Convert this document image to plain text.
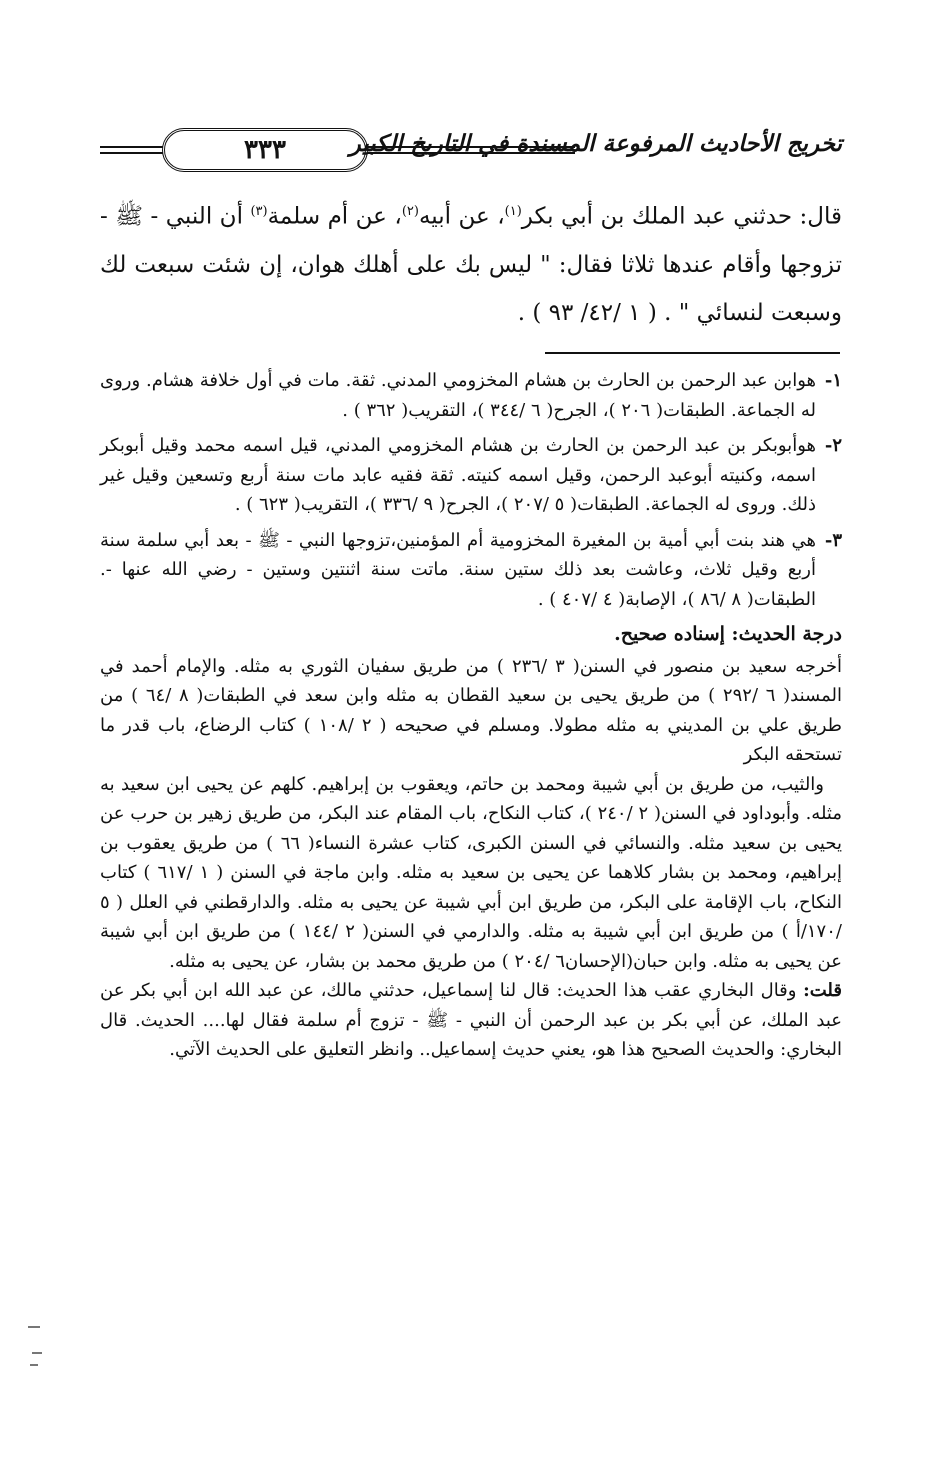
٣٣٣	تخريج الأحاديث المرفوعة المسندة في التاريخ الكبير

قال: حدثني عبد الملك بن أبي بكر$^{(١)}$، عن أبيه$^{(٢)}$، عن أم سلمة$^{(٣)}$ أن النبي - ﷺ - تزوجها وأقام عندها ثلاثا فقال: " ليس بك على أهلك هوان، إن شئت سبعت لك وسبعت لنسائي " . ( ١ /٤٢/ ٩٣ ) .

١-
هوابن عبد الرحمن بن الحارث بن هشام المخزومي المدني. ثقة. مات في أول خلافة هشام. وروى له الجماعة. الطبقات( ٢٠٦ )، الجرح( ٦ /٣٤٤ )، التقريب( ٣٦٢ ) .
٢-
هوأبوبكر بن عبد الرحمن بن الحارث بن هشام المخزومي المدني، قيل اسمه محمد وقيل أبوبكر اسمه، وكنيته أبوعبد الرحمن، وقيل اسمه كنيته. ثقة فقيه عابد مات سنة أربع وتسعين وقيل غير ذلك. وروى له الجماعة. الطبقات( ٥ /٢٠٧ )، الجرح( ٩ /٣٣٦ )، التقريب( ٦٢٣ ) .
٣-
هي هند بنت أبي أمية بن المغيرة المخزومية أم المؤمنين،تزوجها النبي - ﷺ - بعد أبي سلمة سنة أربع وقيل ثلاث، وعاشت بعد ذلك ستين سنة. ماتت سنة اثنتين وستين - رضي الله عنها -. الطبقات( ٨ /٨٦ )، الإصابة( ٤ /٤٠٧ ) .
درجة الحديث: إسناده صحيح.

أخرجه سعيد بن منصور في السنن( ٣ /٢٣٦ ) من طريق سفيان الثوري به مثله. والإمام أحمد في المسند( ٦ /٢٩٢ ) من طريق يحيى بن سعيد القطان به مثله وابن سعد في الطبقات( ٨ /٦٤ ) من طريق علي بن المديني به مثله مطولا. ومسلم في صحيحه ( ٢ /١٠٨ ) كتاب الرضاع، باب قدر ما تستحقه البكر

والثيب، من طريق بن أبي شيبة ومحمد بن حاتم، ويعقوب بن إبراهيم. كلهم عن يحيى ابن سعيد به مثله. وأبوداود في السنن( ٢ /٢٤٠ )، كتاب النكاح، باب المقام عند البكر، من طريق زهير بن حرب عن يحيى بن سعيد مثله. والنسائي في السنن الكبرى، كتاب عشرة النساء( ٦٦ ) من طريق يعقوب بن إبراهيم، ومحمد بن بشار كلاهما عن يحيى بن سعيد به مثله. وابن ماجة في السنن ( ١ /٦١٧ ) كتاب النكاح، باب الإقامة على البكر، من طريق ابن أبي شيبة عن يحيى به مثله. والدارقطني في العلل ( ٥ /١٧٠/أ ) من طريق ابن أبي شيبة به مثله. والدارمي في السنن( ٢ /١٤٤ ) من طريق ابن أبي شيبة عن يحيى به مثله. وابن حبان(الإحسان٦ /٢٠٤ ) من طريق محمد بن بشار، عن يحيى به مثله.

قلت: وقال البخاري عقب هذا الحديث: قال لنا إسماعيل، حدثني مالك، عن عبد الله ابن أبي بكر عن عبد الملك، عن أبي بكر بن عبد الرحمن أن النبي - ﷺ - تزوج أم سلمة فقال لها.... الحديث. قال البخاري: والحديث الصحيح هذا هو، يعني حديث إسماعيل.. وانظر التعليق على الحديث الآتي.
